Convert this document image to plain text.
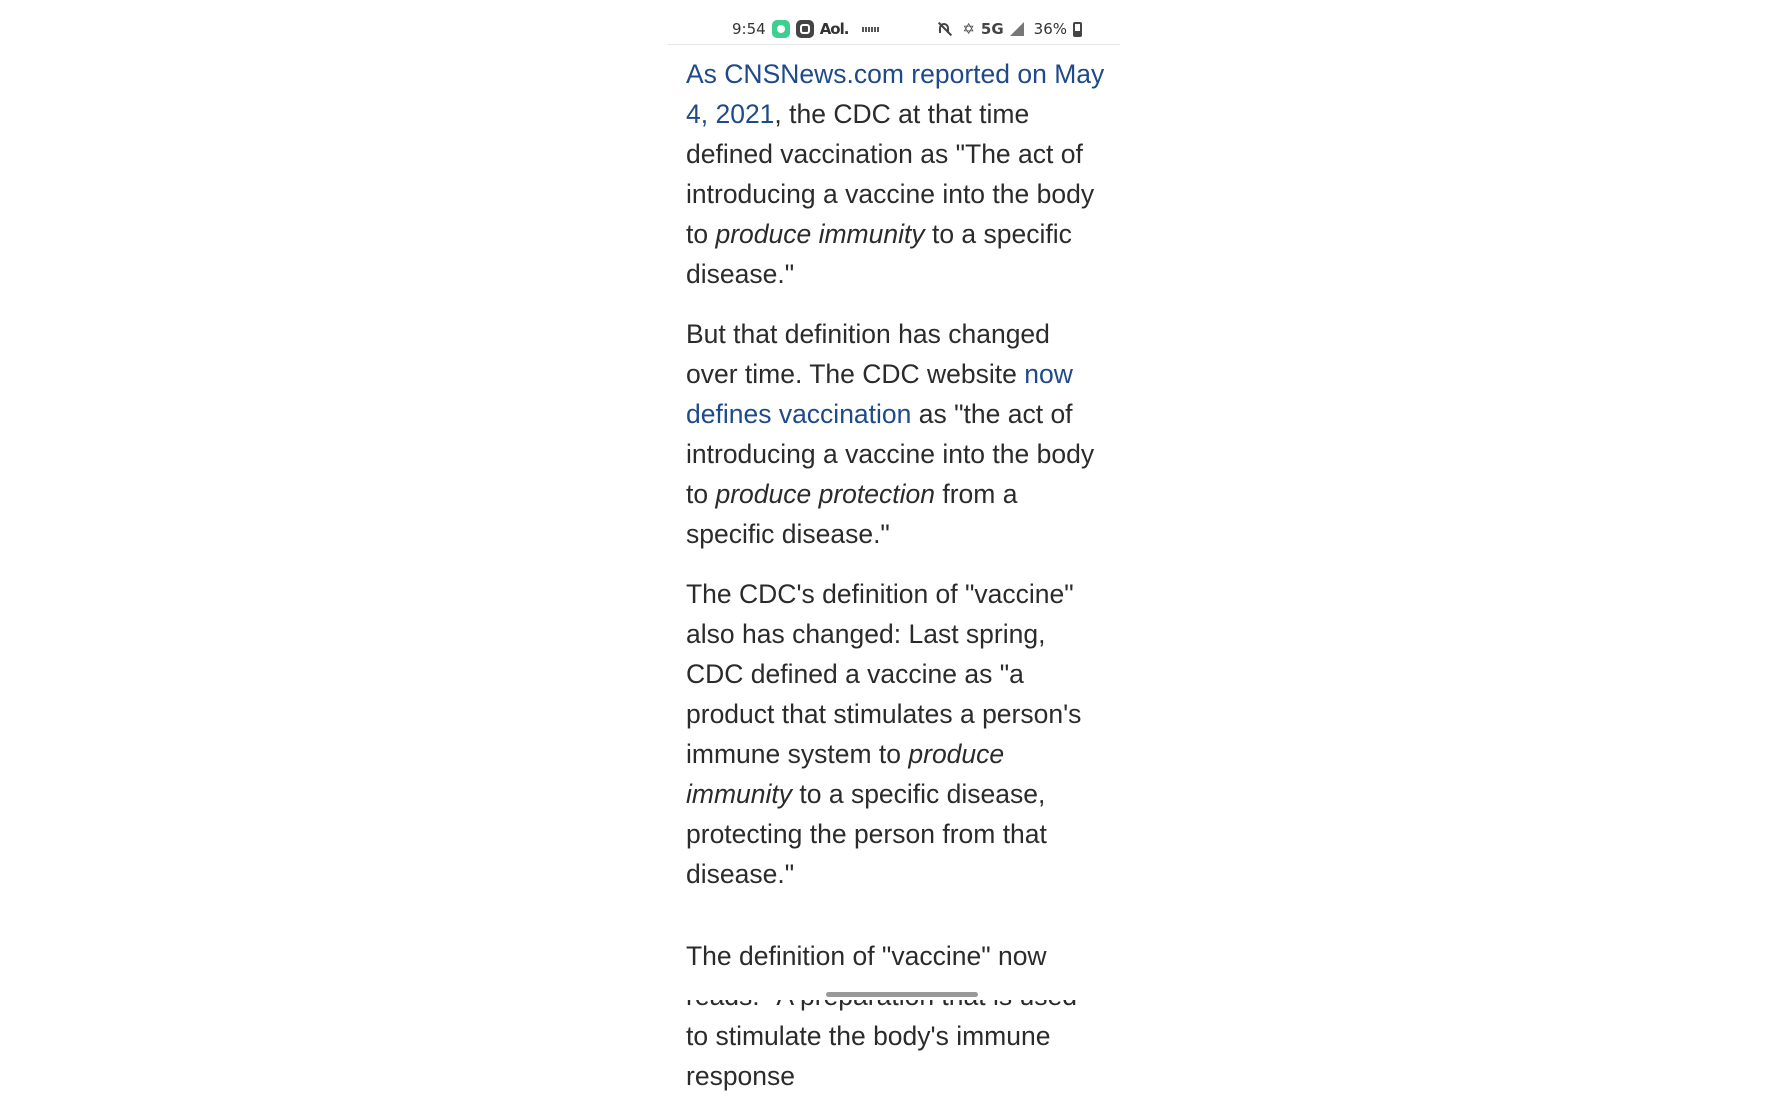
9:54	Aol.	✡ 5G 36%

As CNSNews.com reported on May 4, 2021, the CDC at that time defined vaccination as "The act of introducing a vaccine into the body to produce immunity to a specific disease."

But that definition has changed over time. The CDC website now defines vaccination as "the act of introducing a vaccine into the body to produce protection from a specific disease."

The CDC's definition of "vaccine" also has changed: Last spring, CDC defined a vaccine as "a product that stimulates a person's immune system to produce immunity to a specific disease, protecting the person from that disease."

The definition of "vaccine" now to stimulate the body's immune response
